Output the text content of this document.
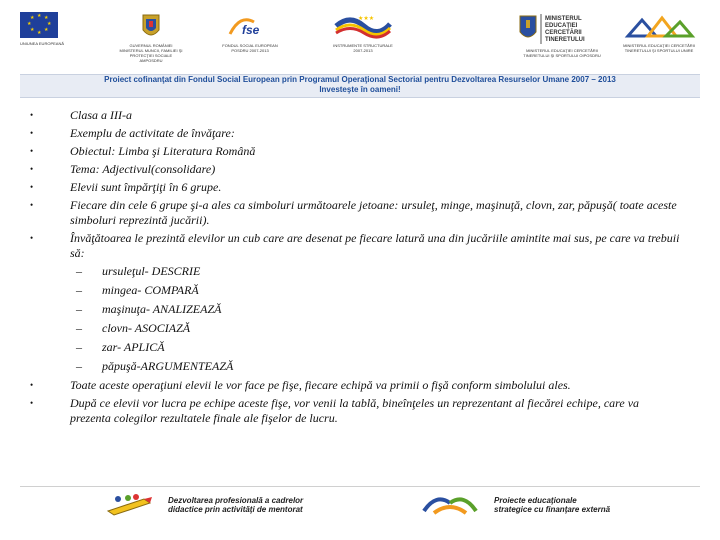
★ ★
★
★
★
★
★
★
UNIUNEA EUROPEANĂ	GUVERNUL ROMÂNIEI MINISTERUL MUNCII, FAMILIEI ŞI PROTECŢIEI SOCIALE AMPOSDRU
fse
FONDUL SOCIAL EUROPEAN POSDRU 2007-2013
★★★
INSTRUMENTE STRUCTURALE 2007-2013
MINISTERUL
EDUCAŢIEI
CERCETĂRII
TINERETULUI
MINISTERUL EDUCAŢIEI CERCETĂRII TINERETULUI ŞI SPORTULUI OIPOSDRU
MINISTERUL EDUCAŢIEI CERCETĂRII TINERETULUI ŞI SPORTULUI UNIRE
Proiect cofinanţat din Fondul Social European prin Programul Operaţional Sectorial pentru Dezvoltarea Resurselor Umane 2007 – 2013
Investeşte în oameni!
•	Clasa a III-a
•	Exemplu de activitate de învăţare:
•	Obiectul: Limba şi Literatura Română
•	Tema: Adjectivul(consolidare)
•	Elevii sunt împărţiţi în 6 grupe.
•	Fiecare din cele 6 grupe şi-a ales ca simboluri următoarele jetoane: ursuleţ, minge, maşinuţă, clovn, zar, păpuşă( toate aceste simboluri reprezintă jucării).
•	Învăţătoarea le prezintă elevilor un cub care are desenat pe fiecare latură una din jucăriile amintite mai sus, pe care va trebuii să:
– ursuleţul- DESCRIE
– mingea- COMPARĂ
– maşinuţa- ANALIZEAZĂ
– clovn- ASOCIAZĂ
– zar- APLICĂ
– păpuşă-ARGUMENTEAZĂ
•	Toate aceste operaţiuni elevii le vor face pe fişe, fiecare echipă va primii o fişă conform simbolului ales.
•	După ce elevii vor lucra pe echipe aceste fişe, vor venii la tablă, bineînţeles un reprezentant al fiecărei echipe, care va prezenta colegilor rezultatele finale ale fişelor de lucru.
Dezvoltarea profesională a cadrelor
didactice prin activităţi de mentorat
Proiecte educaţionale
strategice cu finanţare externă
